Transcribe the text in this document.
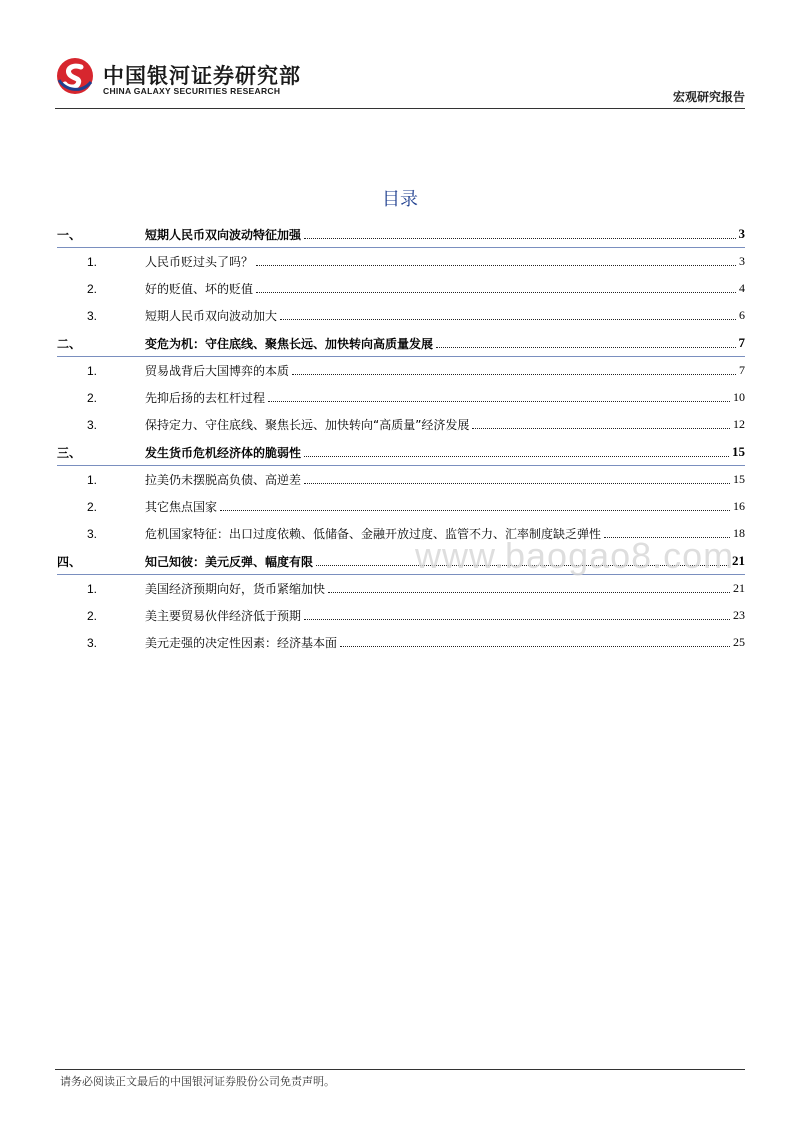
中国银河证券研究部
CHINA GALAXY SECURITIES RESEARCH	宏观研究报告
目录
一、	短期人民币双向波动特征加强	3
1.	人民币贬过头了吗？	3
2.	好的贬值、坏的贬值	4
3.	短期人民币双向波动加大	6
二、	变危为机：守住底线、聚焦长远、加快转向高质量发展	7
1.	贸易战背后大国博弈的本质	7
2.	先抑后扬的去杠杆过程	10
3.	保持定力、守住底线、聚焦长远、加快转向“高质量”经济发展	12
三、	发生货币危机经济体的脆弱性	15
1.	拉美仍未摆脱高负债、高逆差	15
2.	其它焦点国家	16
3.	危机国家特征：出口过度依赖、低储备、金融开放过度、监管不力、汇率制度缺乏弹性	18
四、	知己知彼：美元反弹、幅度有限	21
1.	美国经济预期向好，货币紧缩加快	21
2.	美主要贸易伙伴经济低于预期	23
3.	美元走强的决定性因素：经济基本面	25
www.baogao8.com
请务必阅读正文最后的中国银河证券股份公司免责声明。
